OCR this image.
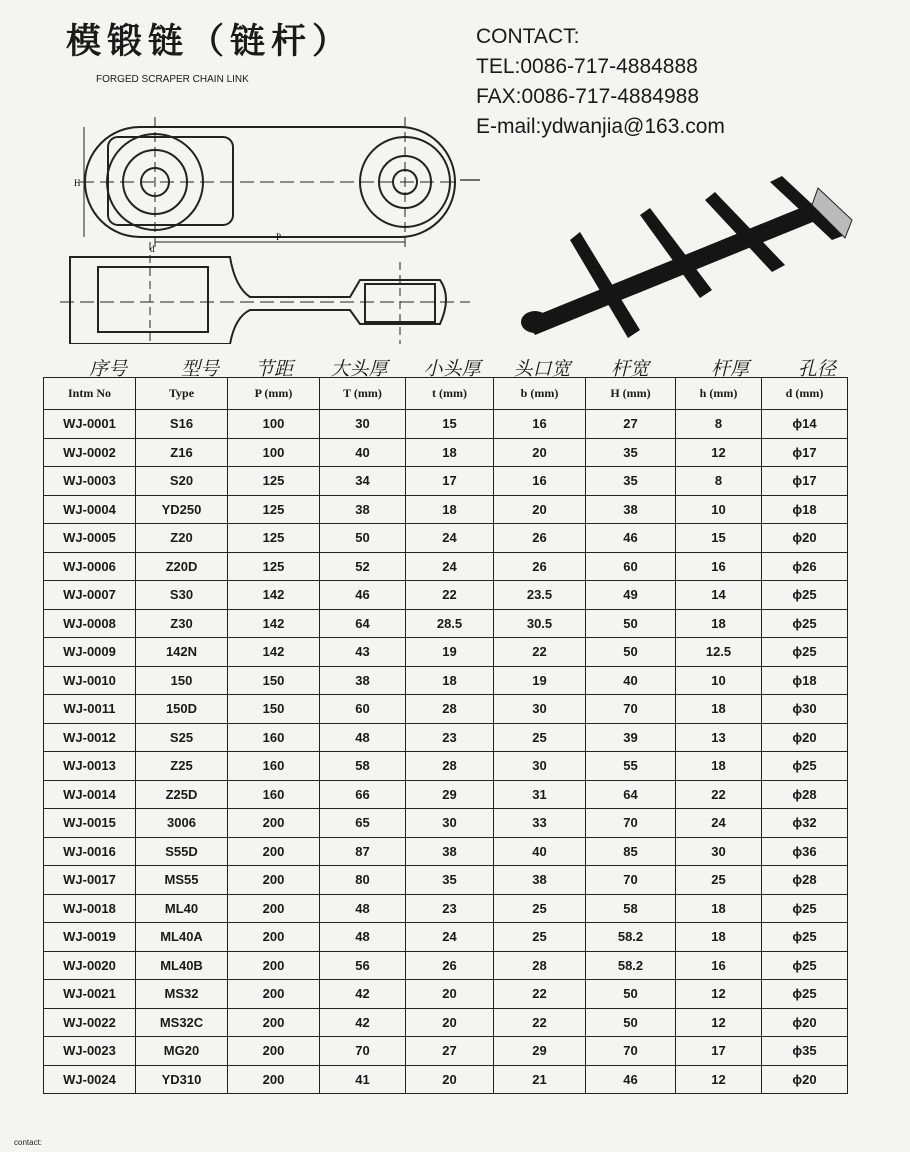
模锻链（链杆）
FORGED SCRAPER CHAIN LINK
CONTACT:
TEL:0086-717-4884888
FAX:0086-717-4884988
E-mail:ydwanjia@163.com
H
P
d
序号	型号 节距 大头厚 小头厚 头口宽 杆宽	杆厚	孔径
Intm No	Type	P (mm)	T (mm)	t (mm)	b (mm)	H (mm)	h (mm)	d (mm)
WJ-0001	S16	100	30	15	16	27	8	ϕ14
WJ-0002	Z16	100	40	18	20	35	12	ϕ17
WJ-0003	S20	125	34	17	16	35	8	ϕ17
WJ-0004	YD250	125	38	18	20	38	10	ϕ18
WJ-0005	Z20	125	50	24	26	46	15	ϕ20
WJ-0006	Z20D	125	52	24	26	60	16	ϕ26
WJ-0007	S30	142	46	22	23.5	49	14	ϕ25
WJ-0008	Z30	142	64	28.5	30.5	50	18	ϕ25
WJ-0009	142N	142	43	19	22	50	12.5	ϕ25
WJ-0010	150	150	38	18	19	40	10	ϕ18
WJ-0011	150D	150	60	28	30	70	18	ϕ30
WJ-0012	S25	160	48	23	25	39	13	ϕ20
WJ-0013	Z25	160	58	28	30	55	18	ϕ25
WJ-0014	Z25D	160	66	29	31	64	22	ϕ28
WJ-0015	3006	200	65	30	33	70	24	ϕ32
WJ-0016	S55D	200	87	38	40	85	30	ϕ36
WJ-0017	MS55	200	80	35	38	70	25	ϕ28
WJ-0018	ML40	200	48	23	25	58	18	ϕ25
WJ-0019	ML40A	200	48	24	25	58.2	18	ϕ25
WJ-0020	ML40B	200	56	26	28	58.2	16	ϕ25
WJ-0021	MS32	200	42	20	22	50	12	ϕ25
WJ-0022	MS32C	200	42	20	22	50	12	ϕ20
WJ-0023	MG20	200	70	27	29	70	17	ϕ35
WJ-0024	YD310	200	41	20	21	46	12	ϕ20
contact:
